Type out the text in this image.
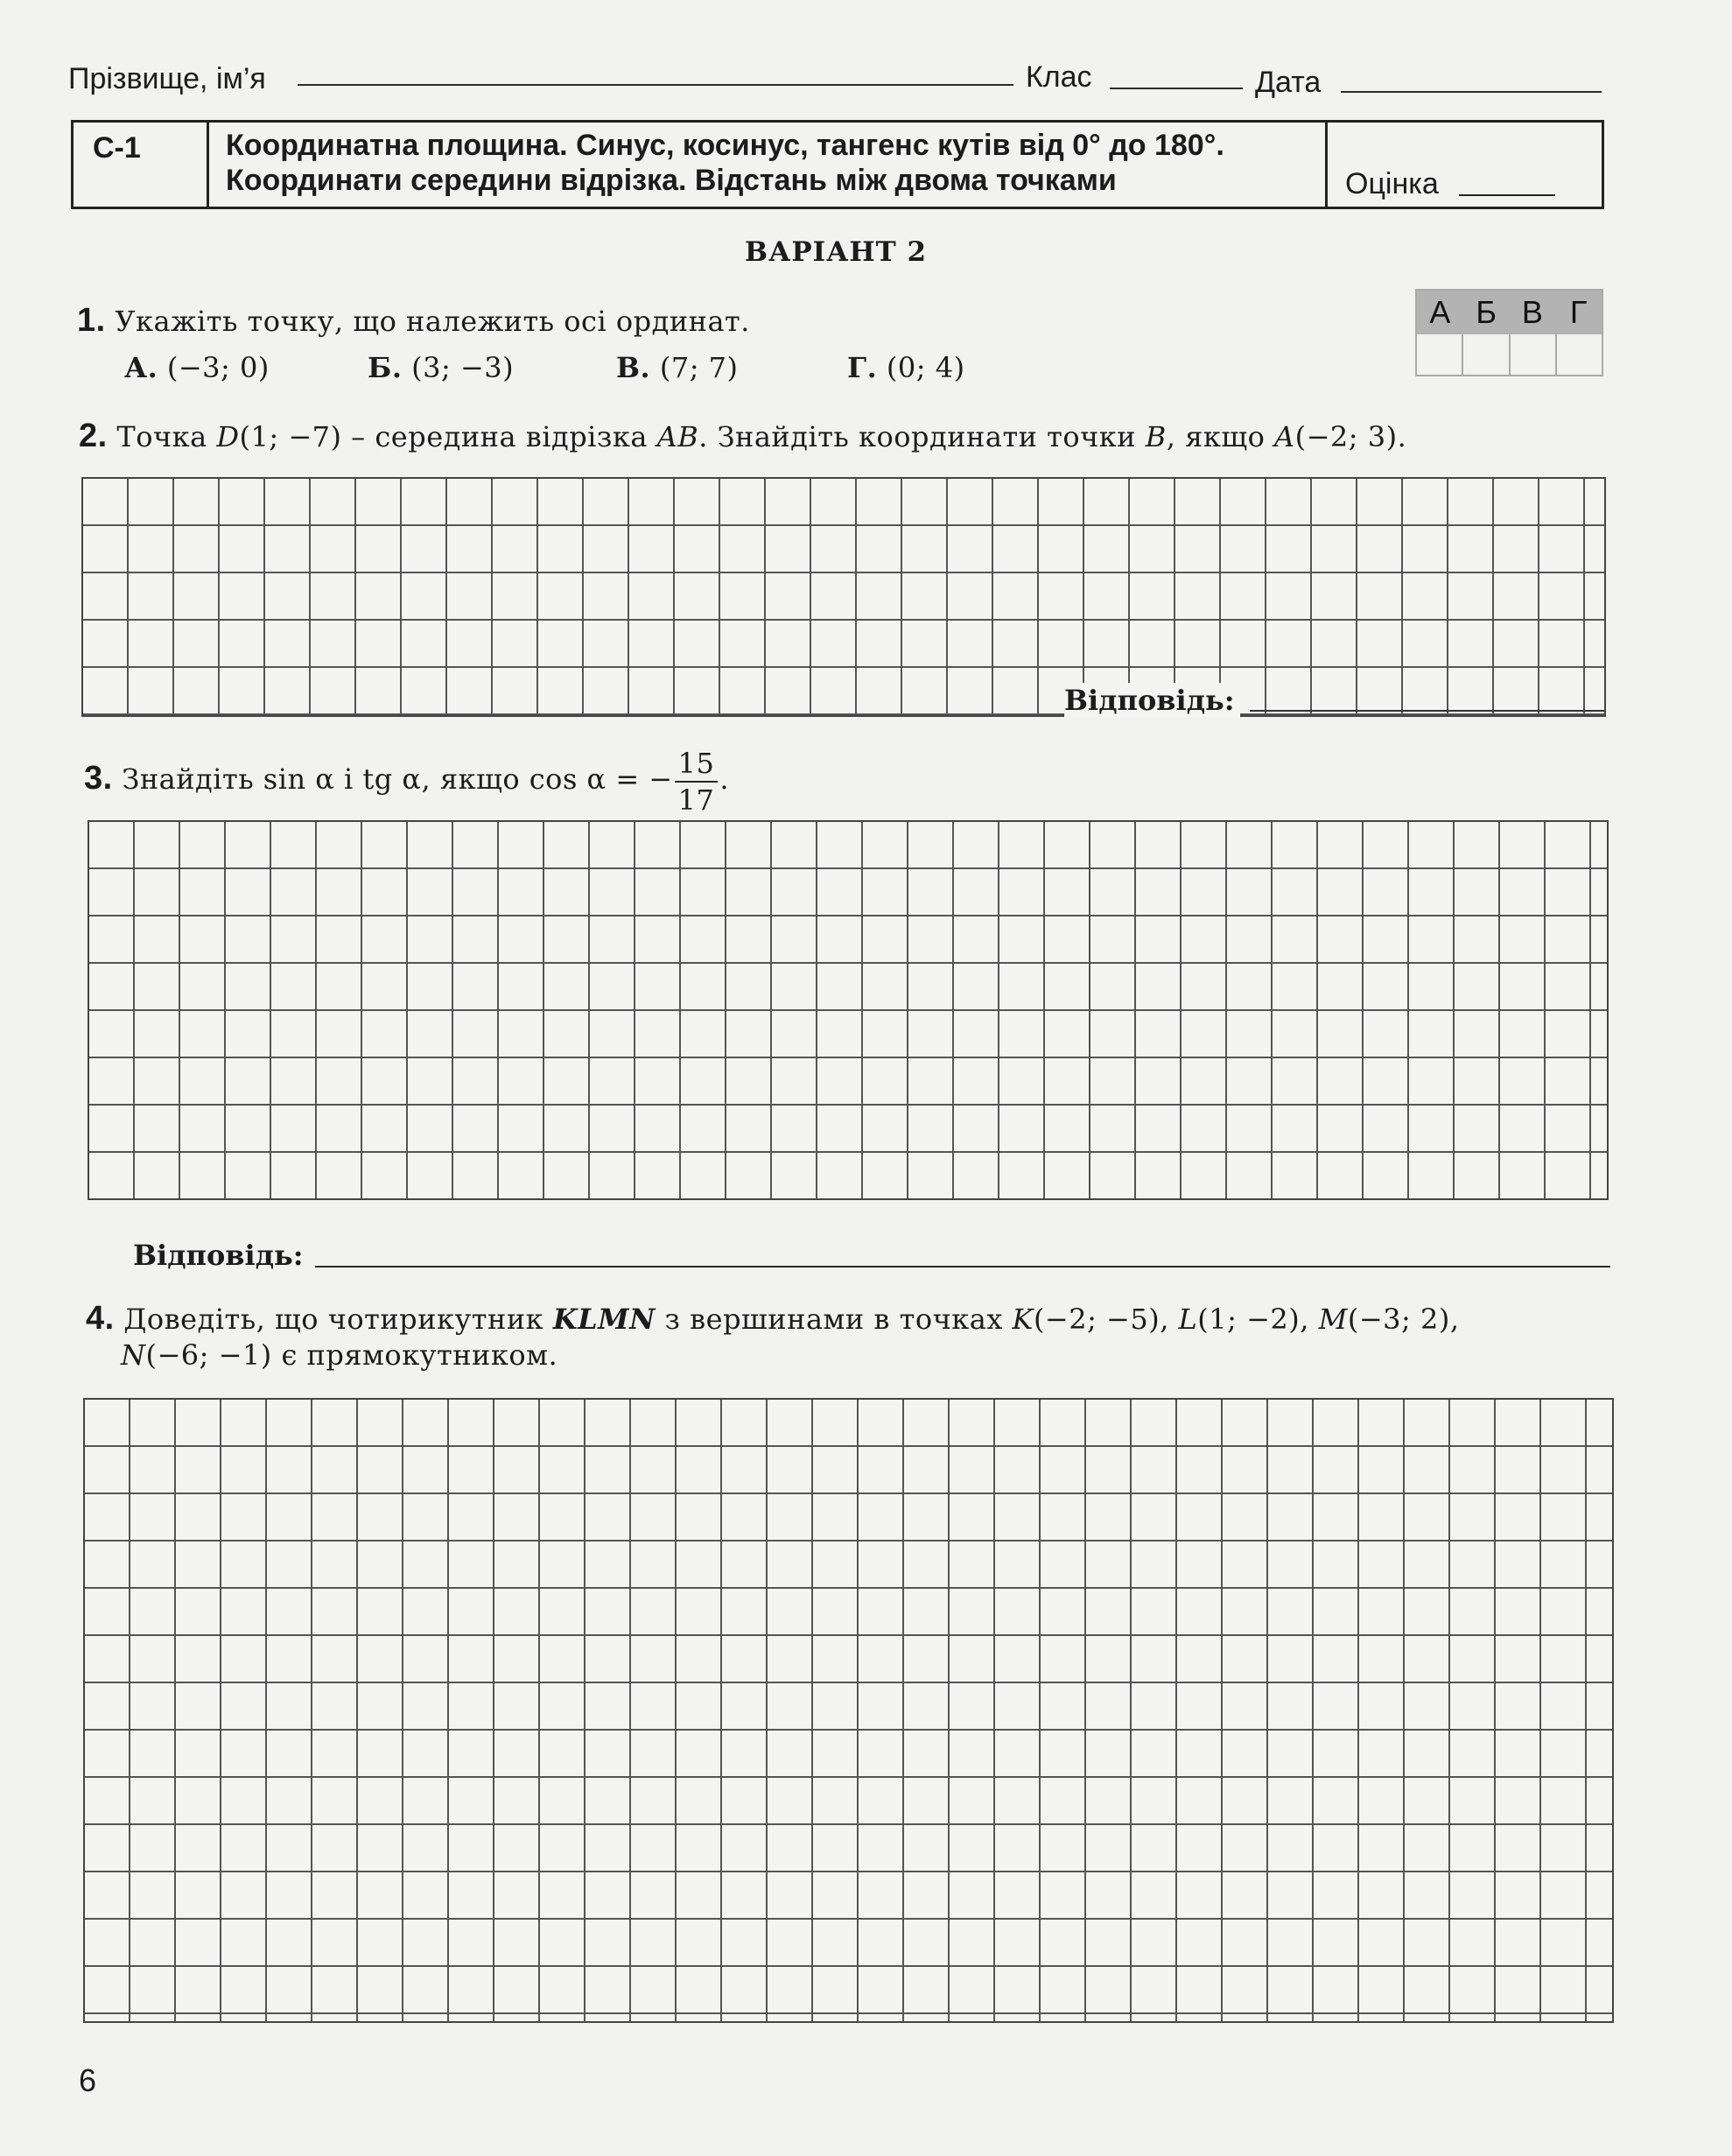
Прізвище, ім’я	Клас	Дата
С-1	Координатна площина. Синус, косинус, тангенс кутів від 0° до 180°.
Координати середини відрізка. Відстань між двома точками	Оцінка
ВАРІАНТ 2
1. Укажіть точку, що належить осі ординат.
А. (−3; 0)	Б. (3; −3)	В. (7; 7)	Г. (0; 4)
А Б В Г
2. Точка D(1; −7) – середина відрізка AB. Знайдіть координати точки B, якщо A(−2; 3).
Відповідь:
3. Знайдіть sin α і tg α, якщо cos α = − $\frac{15}{17}$ .
Відповідь:
4. Доведіть, що чотирикутник KLMN з вершинами в точках K(−2; −5), L(1; −2), M(−3; 2),
N(−6; −1) є прямокутником.
6
